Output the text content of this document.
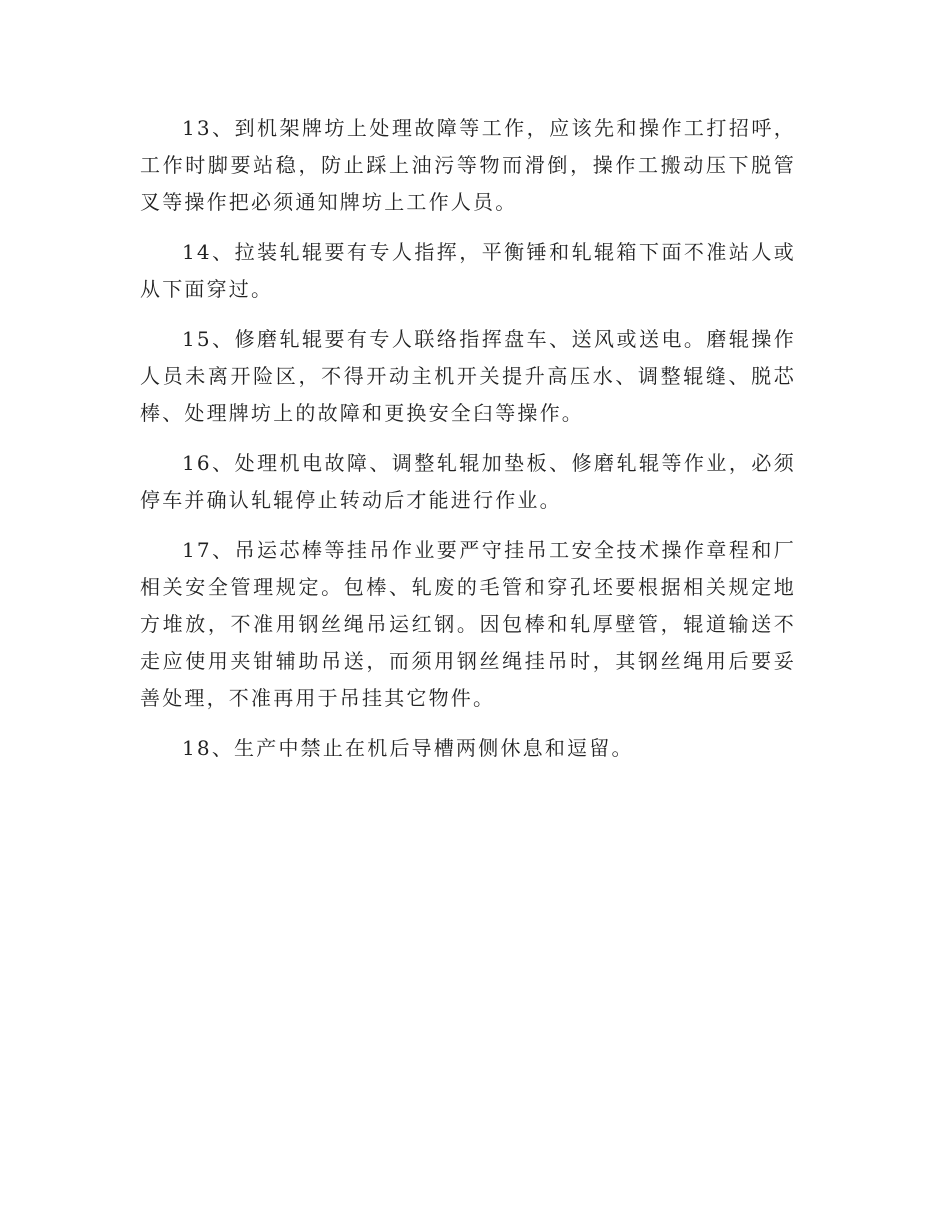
13、到机架牌坊上处理故障等工作，应该先和操作工打招呼，工作时脚要站稳，防止踩上油污等物而滑倒，操作工搬动压下脱管叉等操作把必须通知牌坊上工作人员。

14、拉装轧辊要有专人指挥，平衡锤和轧辊箱下面不准站人或从下面穿过。

15、修磨轧辊要有专人联络指挥盘车、送风或送电。磨辊操作人员未离开险区，不得开动主机开关提升高压水、调整辊缝、脱芯棒、处理牌坊上的故障和更换安全臼等操作。

16、处理机电故障、调整轧辊加垫板、修磨轧辊等作业，必须停车并确认轧辊停止转动后才能进行作业。

17、吊运芯棒等挂吊作业要严守挂吊工安全技术操作章程和厂相关安全管理规定。包棒、轧废的毛管和穿孔坯要根据相关规定地方堆放，不准用钢丝绳吊运红钢。因包棒和轧厚壁管，辊道输送不走应使用夹钳辅助吊送，而须用钢丝绳挂吊时，其钢丝绳用后要妥善处理，不准再用于吊挂其它物件。

18、生产中禁止在机后导槽两侧休息和逗留。
